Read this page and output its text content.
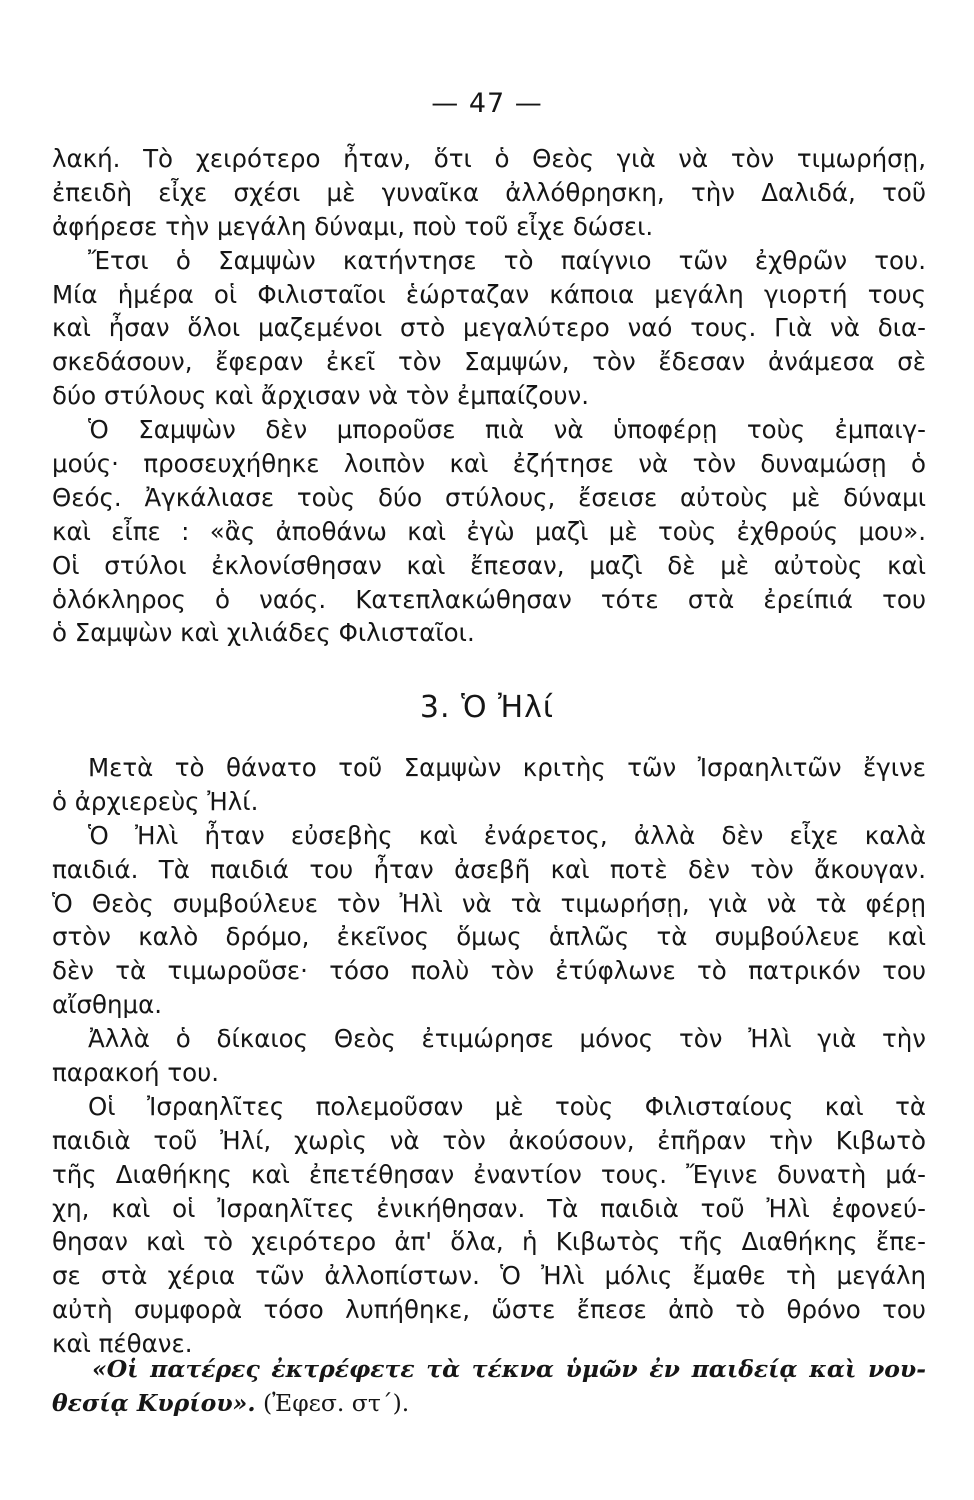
— 47 —
λακή. Τὸ χειρότερο ἦταν, ὅτι ὁ Θεὸς γιὰ νὰ τὸν τιμωρήσῃ,
ἐπειδὴ εἶχε σχέσι μὲ γυναῖκα ἀλλόθρησκη, τὴν Δαλιδά, τοῦ
ἀφήρεσε τὴν μεγάλη δύναμι, ποὺ τοῦ εἶχε δώσει.
Ἔτσι ὁ Σαμψὼν κατήντησε τὸ παίγνιο τῶν ἐχθρῶν του.
Μία ἡμέρα οἱ Φιλισταῖοι ἑώρταζαν κάποια μεγάλη γιορτή τους
καὶ ἦσαν ὅλοι μαζεμένοι στὸ μεγαλύτερο ναό τους. Γιὰ νὰ δια-
σκεδάσουν, ἔφεραν ἐκεῖ τὸν Σαμψών, τὸν ἔδεσαν ἀνάμεσα σὲ
δύο στύλους καὶ ἄρχισαν νὰ τὸν ἐμπαίζουν.
Ὁ Σαμψὼν δὲν μποροῦσε πιὰ νὰ ὑποφέρῃ τοὺς ἐμπαιγ-
μούς· προσευχήθηκε λοιπὸν καὶ ἐζήτησε νὰ τὸν δυναμώσῃ ὁ
Θεός. Ἀγκάλιασε τοὺς δύο στύλους, ἔσεισε αὐτοὺς μὲ δύναμι
καὶ εἶπε : «ἂς ἀποθάνω καὶ ἐγὼ μαζὶ μὲ τοὺς ἐχθρούς μου».
Οἱ στύλοι ἐκλονίσθησαν καὶ ἔπεσαν, μαζὶ δὲ μὲ αὐτοὺς καὶ
ὁλόκληρος ὁ ναός. Κατεπλακώθησαν τότε στὰ ἐρείπιά του
ὁ Σαμψὼν καὶ χιλιάδες Φιλισταῖοι.
3. Ὁ Ἠλί
Μετὰ τὸ θάνατο τοῦ Σαμψὼν κριτὴς τῶν Ἰσραηλιτῶν ἔγινε
ὁ ἀρχιερεὺς Ἠλί.
Ὁ Ἠλὶ ἦταν εὐσεβὴς καὶ ἐνάρετος, ἀλλὰ δὲν εἶχε καλὰ
παιδιά. Τὰ παιδιά του ἦταν ἀσεβῆ καὶ ποτὲ δὲν τὸν ἄκουγαν.
Ὁ Θεὸς συμβούλευε τὸν Ἠλὶ νὰ τὰ τιμωρήσῃ, γιὰ νὰ τὰ φέρῃ
στὸν καλὸ δρόμο, ἐκεῖνος ὅμως ἁπλῶς τὰ συμβούλευε καὶ
δὲν τὰ τιμωροῦσε· τόσο πολὺ τὸν ἐτύφλωνε τὸ πατρικόν του
αἴσθημα.
Ἀλλὰ ὁ δίκαιος Θεὸς ἐτιμώρησε μόνος τὸν Ἠλὶ γιὰ τὴν
παρακοή του.
Οἱ Ἰσραηλῖτες πολεμοῦσαν μὲ τοὺς Φιλισταίους καὶ τὰ
παιδιὰ τοῦ Ἠλί, χωρὶς νὰ τὸν ἀκούσουν, ἐπῆραν τὴν Κιβωτὸ
τῆς Διαθήκης καὶ ἐπετέθησαν ἐναντίον τους. Ἔγινε δυνατὴ μά-
χη, καὶ οἱ Ἰσραηλῖτες ἐνικήθησαν. Τὰ παιδιὰ τοῦ Ἠλὶ ἐφονεύ-
θησαν καὶ τὸ χειρότερο ἀπ' ὅλα, ἡ Κιβωτὸς τῆς Διαθήκης ἔπε-
σε στὰ χέρια τῶν ἀλλοπίστων. Ὁ Ἠλὶ μόλις ἔμαθε τὴ μεγάλη
αὐτὴ συμφορὰ τόσο λυπήθηκε, ὥστε ἔπεσε ἀπὸ τὸ θρόνο του
καὶ πέθανε.
«Οἱ πατέρες ἐκτρέφετε τὰ τέκνα ὑμῶν ἐν παιδείᾳ καὶ νου-
θεσίᾳ Κυρίου». (Ἐφεσ. στ΄).
